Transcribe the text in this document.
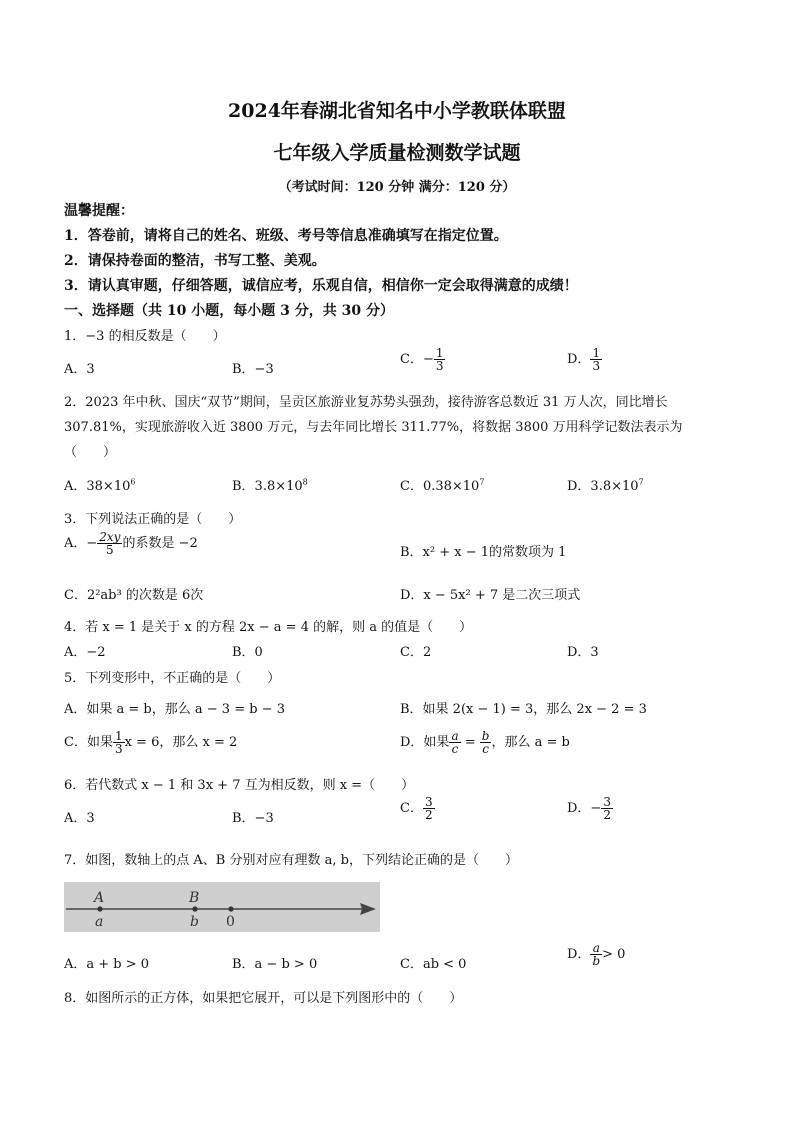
2024年春湖北省知名中小学教联体联盟
七年级入学质量检测数学试题
（考试时间：120 分钟 满分：120 分）
温馨提醒：
1．答卷前，请将自己的姓名、班级、考号等信息准确填写在指定位置。
2．请保持卷面的整洁，书写工整、美观。
3．请认真审题，仔细答题，诚信应考，乐观自信，相信你一定会取得满意的成绩！
一、选择题（共 10 小题，每小题 3 分，共 30 分）
1．−3 的相反数是（　　）
A．3	B．−3
C．− $\frac{1}{3}$	D． $\frac{1}{3}$
2．2023 年中秋、国庆“双节”期间，呈贡区旅游业复苏势头强劲，接待游客总数近 31 万人次，同比增长
307.81%，实现旅游收入近 3800 万元，与去年同比增长 311.77%，将数据 3800 万用科学记数法表示为
（　　）
A．$38\times 10^6$	B．$3.8\times 10^8$	C．$0.38\times 10^7$	D．$3.8\times 10^7$
3．下列说法正确的是（　　）
A．− $\frac{2xy}{5}$ 的系数是 −2
B．x² + x − 1的常数项为 1
C．2²ab³ 的次数是 6次	D．x − 5x² + 7 是二次三项式
4．若 x = 1 是关于 x 的方程 2x − a = 4 的解，则 a 的值是（　　）
A．−2	B．0	C．2	D．3
5．下列变形中，不正确的是（　　）
A．如果 a = b，那么 a − 3 = b − 3	B．如果 2(x − 1) = 3，那么 2x − 2 = 3
C．如果 $\frac{1}{3}$ x = 6，那么 x = 2	D．如果 $\frac{a}{c} = \frac{b}{c}$ ，那么 a = b
6．若代数式 x − 1 和 3x + 7 互为相反数，则 x =（　　）
A．3	B．−3
C． $\frac{3}{2}$	D．− $\frac{3}{2}$
7．如图，数轴上的点 A、B 分别对应有理数 a, b，下列结论正确的是（　　）
A
a
B
b 0
A．a + b > 0	B．a − b > 0	C．ab < 0
D． $\frac{a}{b} > 0$
8．如图所示的正方体，如果把它展开，可以是下列图形中的（　　）
